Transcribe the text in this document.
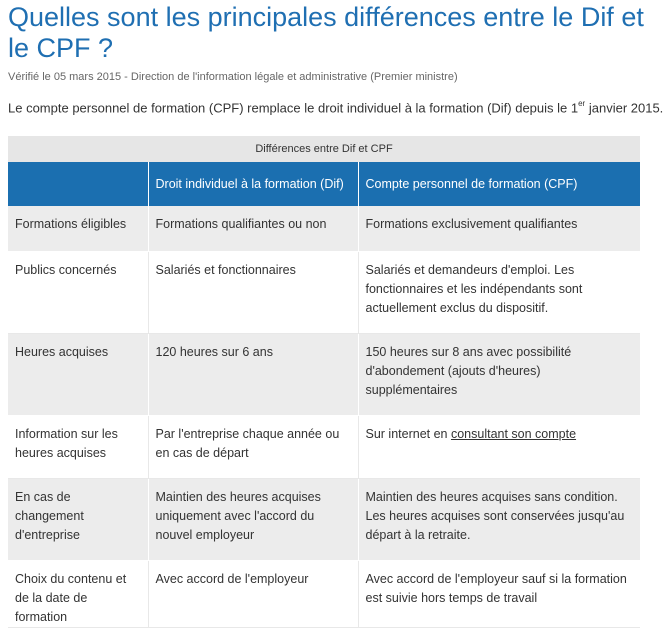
Quelles sont les principales différences entre le Dif et le CPF ?
Vérifié le 05 mars 2015 - Direction de l'information légale et administrative (Premier ministre)
Le compte personnel de formation (CPF) remplace le droit individuel à la formation (Dif) depuis le 1er janvier 2015.
Différences entre Dif et CPF
	Droit individuel à la formation (Dif)	Compte personnel de formation (CPF)
Formations éligibles	Formations qualifiantes ou non	Formations exclusivement qualifiantes
Publics concernés	Salariés et fonctionnaires	Salariés et demandeurs d'emploi. Les fonctionnaires et les indépendants sont actuellement exclus du dispositif.
Heures acquises	120 heures sur 6 ans	150 heures sur 8 ans avec possibilité d'abondement (ajouts d'heures) supplémentaires
Information sur les heures acquises	Par l'entreprise chaque année ou en cas de départ	Sur internet en consultant son compte
En cas de changement d'entreprise	Maintien des heures acquises uniquement avec l'accord du nouvel employeur	Maintien des heures acquises sans condition. Les heures acquises sont conservées jusqu'au départ à la retraite.
Choix du contenu et de la date de formation	Avec accord de l'employeur	Avec accord de l'employeur sauf si la formation est suivie hors temps de travail
